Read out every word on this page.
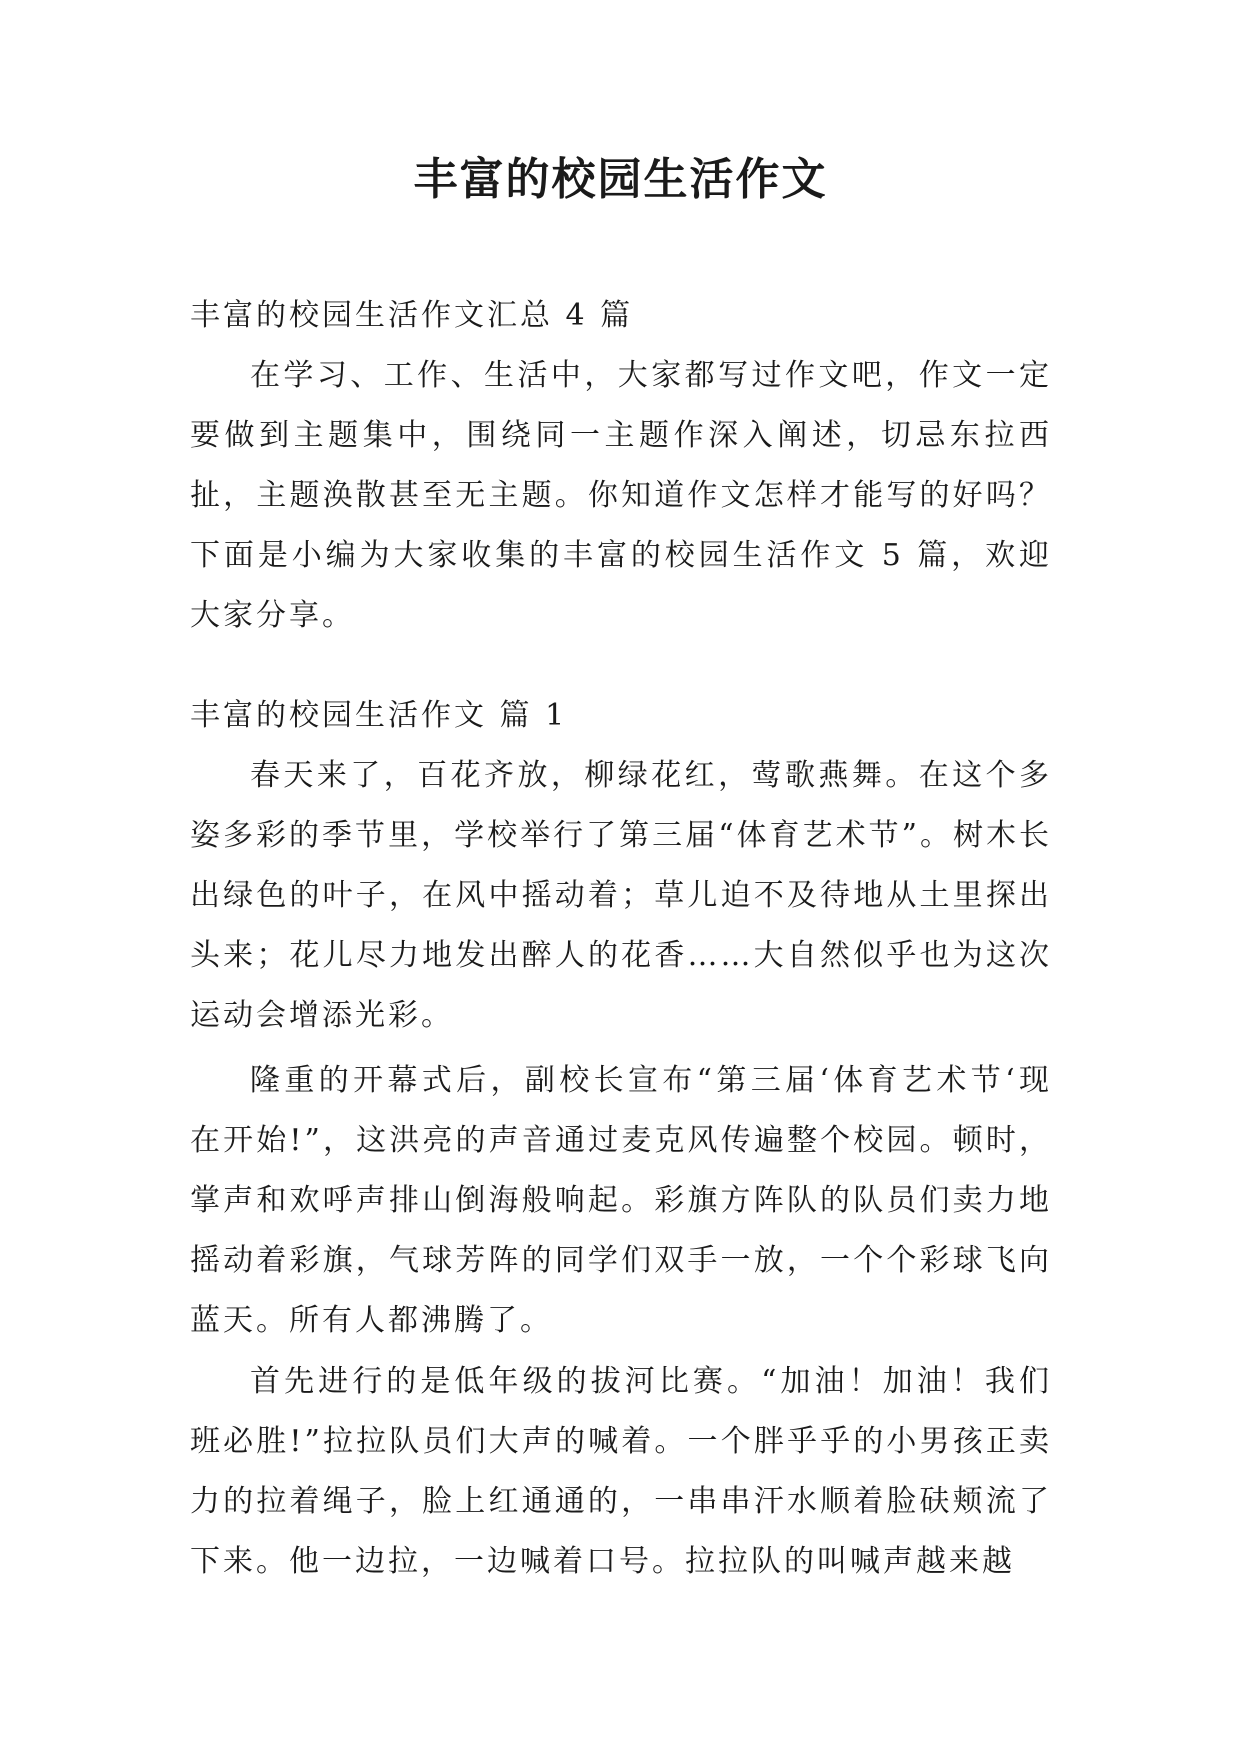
丰富的校园生活作文

丰富的校园生活作文汇总 4 篇

在学习、工作、生活中，大家都写过作文吧，作文一定要做到主题集中，围绕同一主题作深入阐述，切忌东拉西扯，主题涣散甚至无主题。你知道作文怎样才能写的好吗？下面是小编为大家收集的丰富的校园生活作文 5 篇，欢迎大家分享。

丰富的校园生活作文 篇 1

春天来了，百花齐放，柳绿花红，莺歌燕舞。在这个多姿多彩的季节里，学校举行了第三届“体育艺术节”。树木长出绿色的叶子，在风中摇动着；草儿迫不及待地从土里探出头来；花儿尽力地发出醉人的花香……大自然似乎也为这次运动会增添光彩。

隆重的开幕式后，副校长宣布“第三届‘体育艺术节‘现在开始!”，这洪亮的声音通过麦克风传遍整个校园。顿时，掌声和欢呼声排山倒海般响起。彩旗方阵队的队员们卖力地摇动着彩旗，气球芳阵的同学们双手一放，一个个彩球飞向蓝天。所有人都沸腾了。

首先进行的是低年级的拔河比赛。“加油！加油！我们班必胜!”拉拉队员们大声的喊着。一个胖乎乎的小男孩正卖力的拉着绳子，脸上红通通的，一串串汗水顺着脸砆颊流了下来。他一边拉，一边喊着口号。拉拉队的叫喊声越来越
